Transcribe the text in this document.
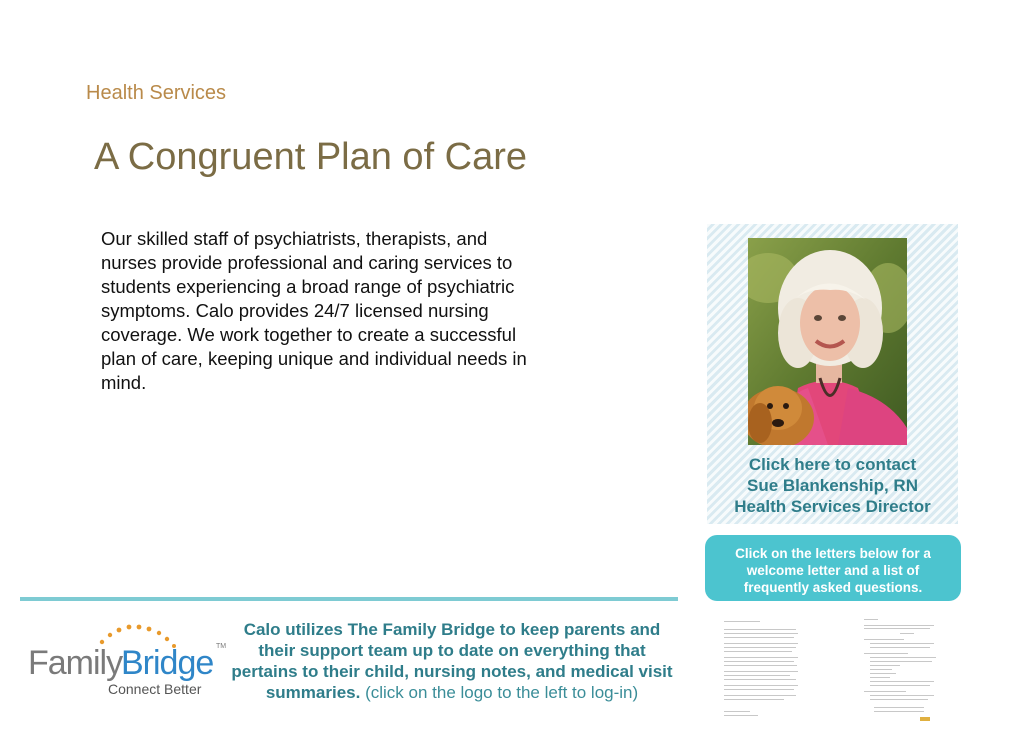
Health Services
A Congruent Plan of Care

Our skilled staff of psychiatrists, therapists, and nurses provide professional and caring services to students experiencing a broad range of psychiatric symptoms. Calo provides 24/7 licensed nursing coverage. We work together to create a successful plan of care, keeping unique and individual needs in mind.

Click here to contact
Sue Blankenship, RN
Health Services Director
Click on the letters below for a
welcome letter and a list of
frequently asked questions.
Family
Bridge TM
Connect Better
Calo utilizes The Family Bridge to keep parents and their support team up to date on everything that pertains to their child, nursing notes, and medical visit summaries. (click on the logo to the left to log-in)
